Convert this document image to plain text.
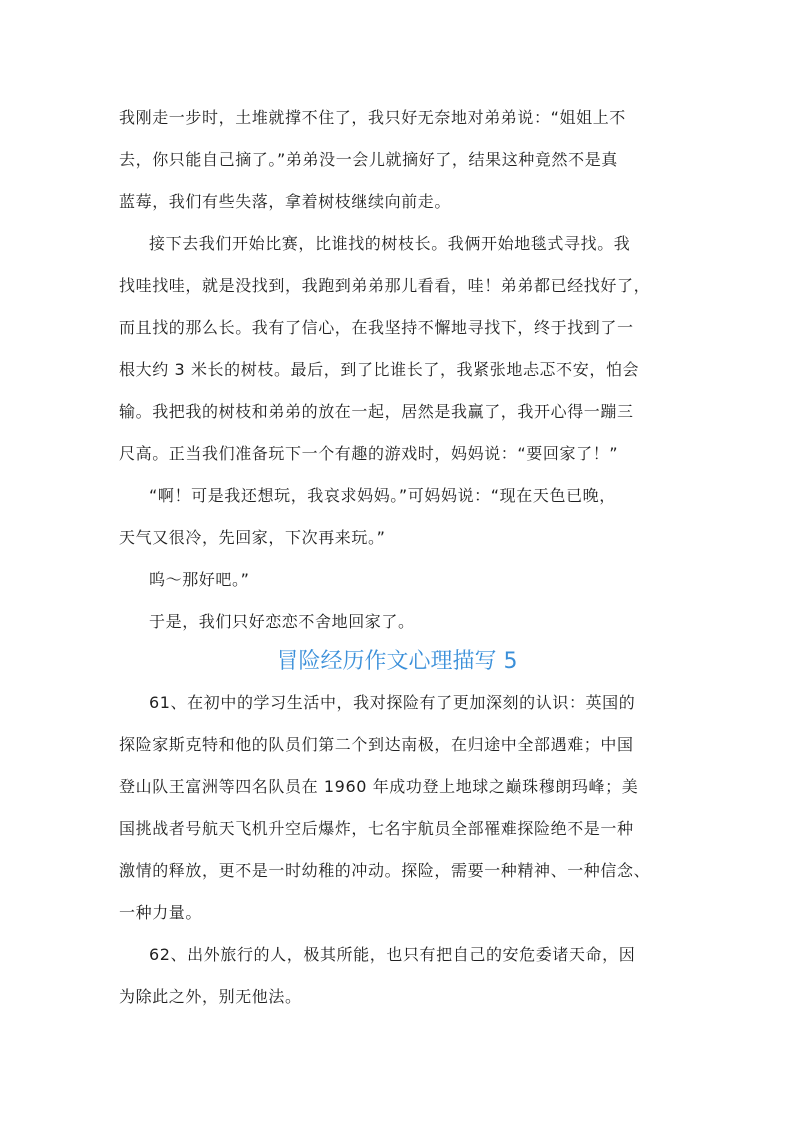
我刚走一步时，土堆就撑不住了，我只好无奈地对弟弟说：“姐姐上不
去，你只能自己摘了。”弟弟没一会儿就摘好了，结果这种竟然不是真
蓝莓，我们有些失落，拿着树枝继续向前走。
接下去我们开始比赛，比谁找的树枝长。我俩开始地毯式寻找。我
找哇找哇，就是没找到，我跑到弟弟那儿看看，哇！弟弟都已经找好了，
而且找的那么长。我有了信心，在我坚持不懈地寻找下，终于找到了一
根大约 3 米长的树枝。最后，到了比谁长了，我紧张地忐忑不安，怕会
输。我把我的树枝和弟弟的放在一起，居然是我赢了，我开心得一蹦三
尺高。正当我们准备玩下一个有趣的游戏时，妈妈说：“要回家了！”
“啊！可是我还想玩，我哀求妈妈。”可妈妈说：“现在天色已晚，
天气又很冷，先回家，下次再来玩。”
呜～那好吧。”
于是，我们只好恋恋不舍地回家了。
冒险经历作文心理描写 5
61、在初中的学习生活中，我对探险有了更加深刻的认识：英国的
探险家斯克特和他的队员们第二个到达南极，在归途中全部遇难；中国
登山队王富洲等四名队员在 1960 年成功登上地球之巅珠穆朗玛峰；美
国挑战者号航天飞机升空后爆炸，七名宇航员全部罹难探险绝不是一种
激情的释放，更不是一时幼稚的冲动。探险，需要一种精神、一种信念、
一种力量。
62、出外旅行的人，极其所能，也只有把自己的安危委诸天命，因
为除此之外，别无他法。
